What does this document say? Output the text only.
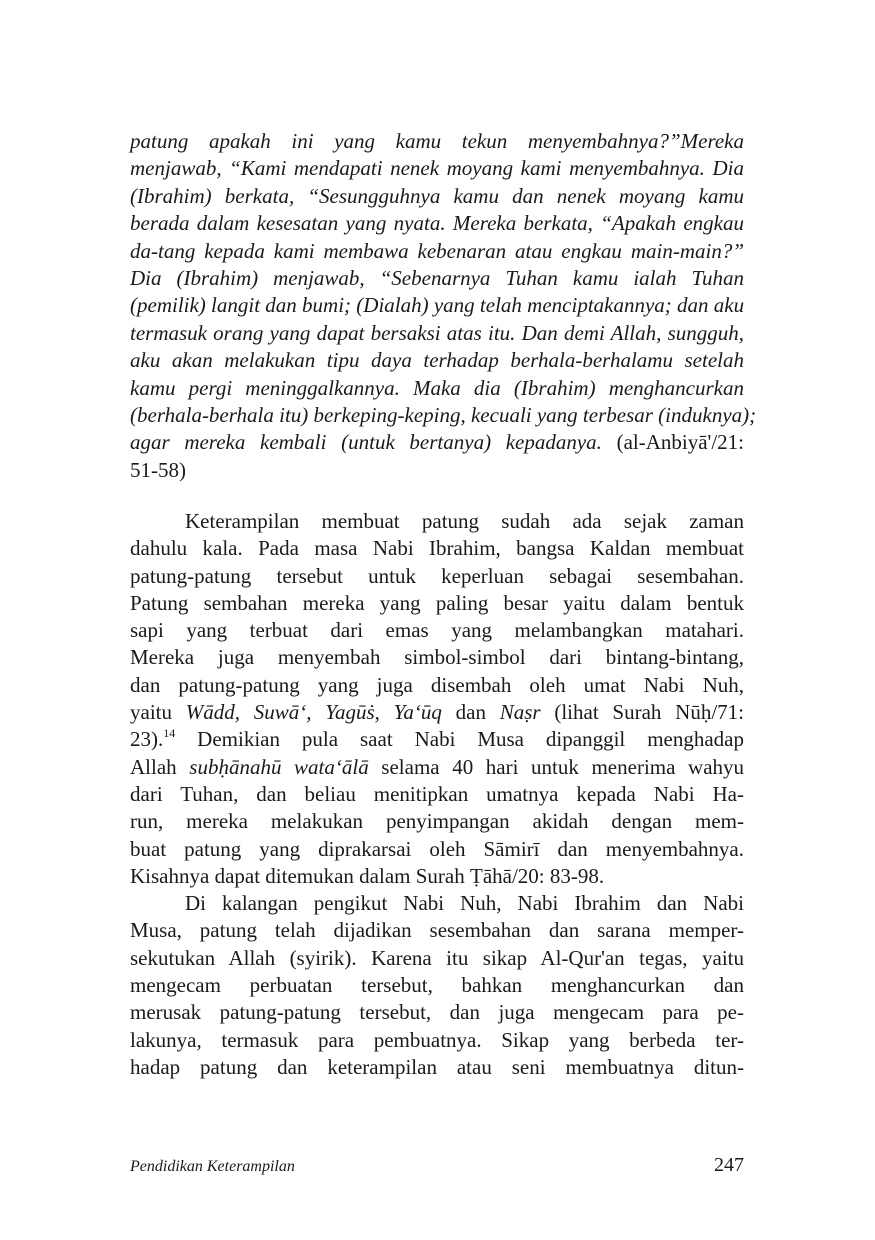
patung apakah ini yang kamu tekun menyembahnya?”Mereka
menjawab, “Kami mendapati nenek moyang kami menyembahnya. Dia
(Ibrahim) berkata, “Sesungguhnya kamu dan nenek moyang kamu
berada dalam kesesatan yang nyata. Mereka berkata, “Apakah engkau
da-tang kepada kami membawa kebenaran atau engkau main-main?”
Dia (Ibrahim) menjawab, “Sebenarnya Tuhan kamu ialah Tuhan
(pemilik) langit dan bumi; (Dialah) yang telah menciptakannya; dan aku
termasuk orang yang dapat bersaksi atas itu. Dan demi Allah, sungguh,
aku akan melakukan tipu daya terhadap berhala-berhalamu setelah
kamu pergi meninggalkannya. Maka dia (Ibrahim) menghancurkan
(berhala-berhala itu) berkeping-keping, kecuali yang terbesar (induknya);
agar mereka kembali (untuk bertanya) kepadanya. (al-Anbiyā'/21:
51-58)
Keterampilan membuat patung sudah ada sejak zaman
dahulu kala. Pada masa Nabi Ibrahim, bangsa Kaldan membuat
patung-patung tersebut untuk keperluan sebagai sesembahan.
Patung sembahan mereka yang paling besar yaitu dalam bentuk
sapi yang terbuat dari emas yang melambangkan matahari.
Mereka juga menyembah simbol-simbol dari bintang-bintang,
dan patung-patung yang juga disembah oleh umat Nabi Nuh,
yaitu Wādd, Suwā‘, Yagūṡ, Ya‘ūq dan Naṣr (lihat Surah Nūḥ/71:
23).$^{14}$ Demikian pula saat Nabi Musa dipanggil menghadap
Allah subḥānahū wata‘ālā selama 40 hari untuk menerima wahyu
dari Tuhan, dan beliau menitipkan umatnya kepada Nabi Ha-
run, mereka melakukan penyimpangan akidah dengan mem-
buat patung yang diprakarsai oleh Sāmirī dan menyembahnya.
Kisahnya dapat ditemukan dalam Surah Ṭāhā/20: 83-98.
Di kalangan pengikut Nabi Nuh, Nabi Ibrahim dan Nabi
Musa, patung telah dijadikan sesembahan dan sarana memper-
sekutukan Allah (syirik). Karena itu sikap Al-Qur'an tegas, yaitu
mengecam perbuatan tersebut, bahkan menghancurkan dan
merusak patung-patung tersebut, dan juga mengecam para pe-
lakunya, termasuk para pembuatnya. Sikap yang berbeda ter-
hadap patung dan keterampilan atau seni membuatnya ditun-
Pendidikan Keterampilan	247
